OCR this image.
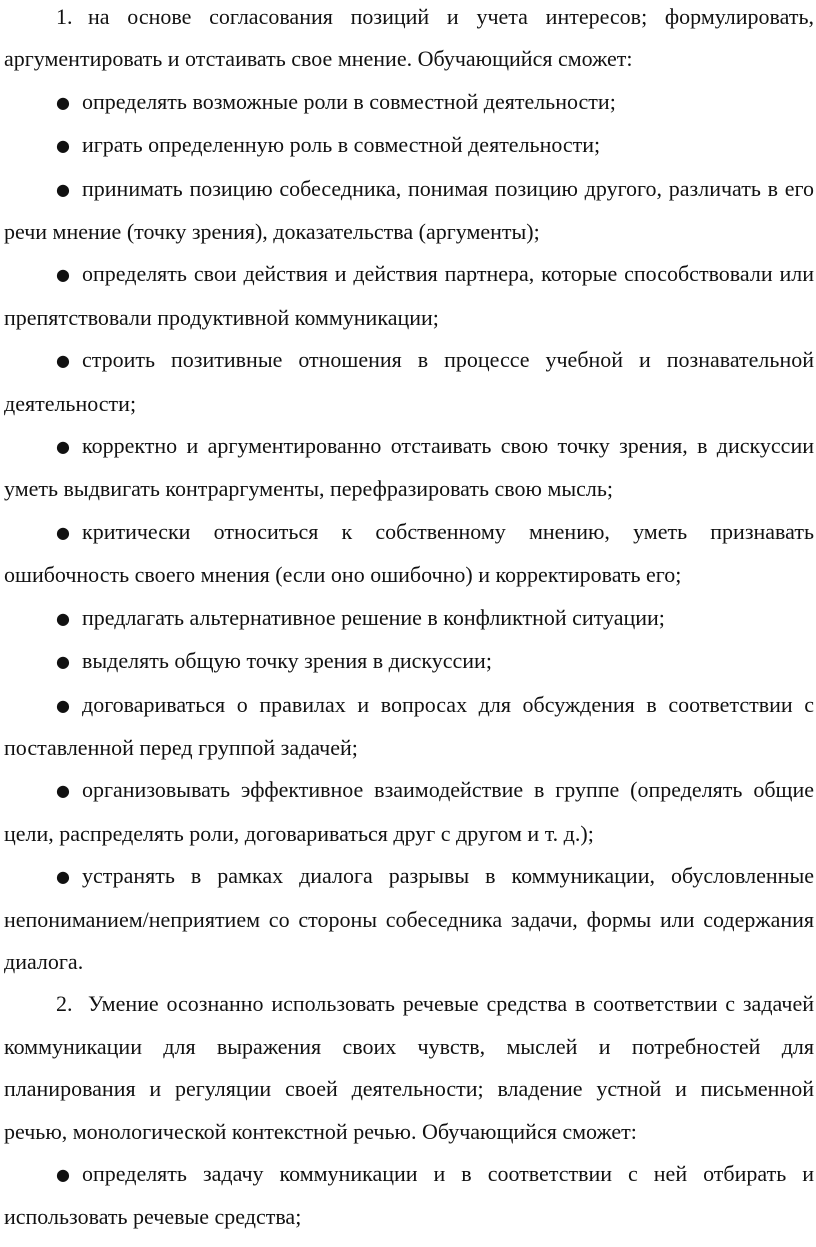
1. на основе согласования позиций и учета интересов; формулировать, аргументировать и отстаивать свое мнение. Обучающийся сможет:

● определять возможные роли в совместной деятельности;

● играть определенную роль в совместной деятельности;

● принимать позицию собеседника, понимая позицию другого, различать в его речи мнение (точку зрения), доказательства (аргументы);

● определять свои действия и действия партнера, которые способствовали или препятствовали продуктивной коммуникации;

● строить позитивные отношения в процессе учебной и познавательной деятельности;

● корректно и аргументированно отстаивать свою точку зрения, в дискуссии уметь выдвигать контраргументы, перефразировать свою мысль;

● критически относиться к собственному мнению, уметь признавать ошибочность своего мнения (если оно ошибочно) и корректировать его;

● предлагать альтернативное решение в конфликтной ситуации;

● выделять общую точку зрения в дискуссии;

● договариваться о правилах и вопросах для обсуждения в соответствии с поставленной перед группой задачей;

● организовывать эффективное взаимодействие в группе (определять общие цели, распределять роли, договариваться друг с другом и т. д.);

● устранять в рамках диалога разрывы в коммуникации, обусловленные непониманием/неприятием со стороны собеседника задачи, формы или содержания диалога.

2. Умение осознанно использовать речевые средства в соответствии с задачей коммуникации для выражения своих чувств, мыслей и потребностей для планирования и регуляции своей деятельности; владение устной и письменной речью, монологической контекстной речью. Обучающийся сможет:

● определять задачу коммуникации и в соответствии с ней отбирать и использовать речевые средства;
